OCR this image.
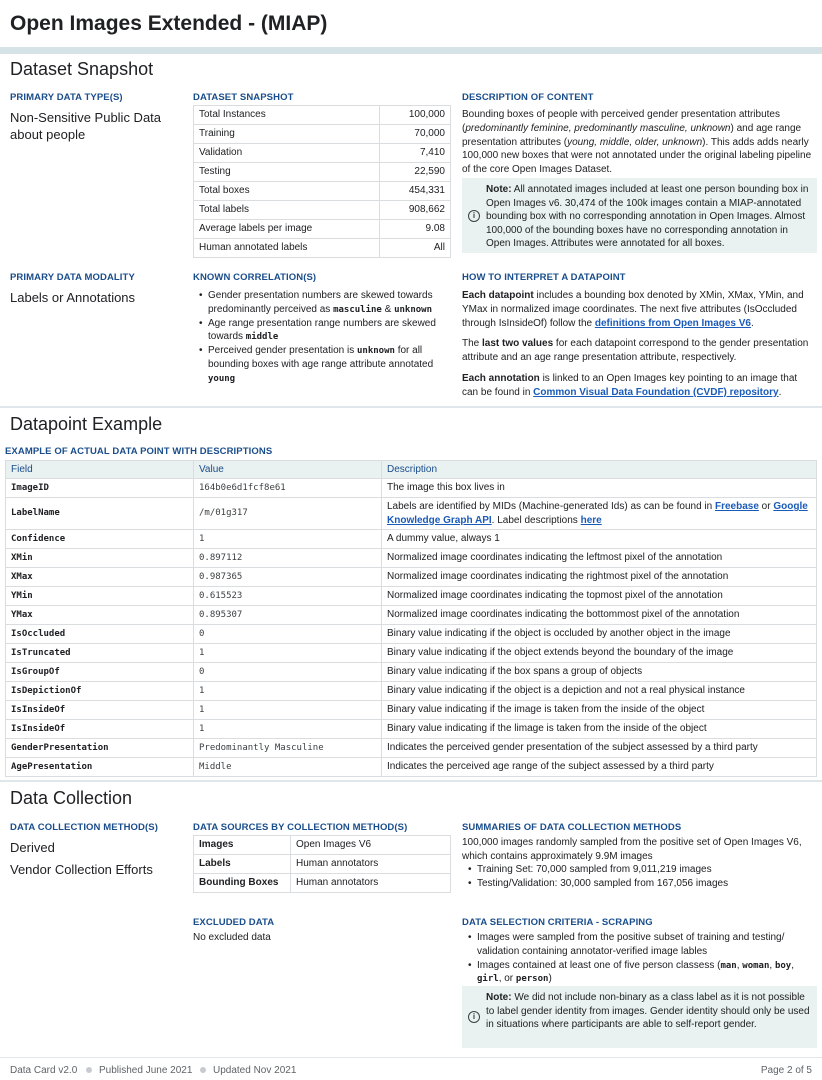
Open Images Extended - (MIAP)
Dataset Snapshot
PRIMARY DATA TYPE(S)
Non-Sensitive Public Data about people
DATASET SNAPSHOT
Total Instances	100,000
Training	70,000
Validation	7,410
Testing	22,590
Total boxes	454,331
Total labels	908,662
Average labels per image	9.08
Human annotated labels	All
DESCRIPTION OF CONTENT
Bounding boxes of people with perceived gender presentation attributes (predominantly feminine, predominantly masculine, unknown) and age range presentation attributes (young, middle, older, unknown). This adds adds nearly 100,000 new boxes that were not annotated under the original labeling pipeline of the core Open Images Dataset.
i
Note: All annotated images included at least one person bounding box in Open Images v6. 30,474 of the 100k images contain a MIAP-annotated bounding box with no corresponding annotation in Open Images. Almost 100,000 of the bounding boxes have no corresponding annotation in Open Images. Attributes were annotated for all boxes.
PRIMARY DATA MODALITY
Labels or Annotations
KNOWN CORRELATION(S)
• Gender presentation numbers are skewed towards predominantly perceived as masculine & unknown
• Age range presentation range numbers are skewed towards middle
• Perceived gender presentation is unknown for all bounding boxes with age range attribute annotated young
HOW TO INTERPRET A DATAPOINT
Each datapoint includes a bounding box denoted by XMin, XMax, YMin, and YMax in normalized image coordinates. The next five attributes (IsOccluded through IsInsideOf) follow the definitions from Open Images V6.
The last two values for each datapoint correspond to the gender presentation attribute and an age range presentation attribute, respectively.
Each annotation is linked to an Open Images key pointing to an image that can be found in Common Visual Data Foundation (CVDF) repository.
Datapoint Example
EXAMPLE OF ACTUAL DATA POINT WITH DESCRIPTIONS
Field	Value	Description
ImageID	164b0e6d1fcf8e61	The image this box lives in
LabelName	/m/01g317	Labels are identified by MIDs (Machine-generated Ids) as can be found in Freebase or Google Knowledge Graph API. Label descriptions here
Confidence	1	A dummy value, always 1
XMin	0.897112	Normalized image coordinates indicating the leftmost pixel of the annotation
XMax	0.987365	Normalized image coordinates indicating the rightmost pixel of the annotation
YMin	0.615523	Normalized image coordinates indicating the topmost pixel of the annotation
YMax	0.895307	Normalized image coordinates indicating the bottommost pixel of the annotation
IsOccluded	0	Binary value indicating if the object is occluded by another object in the image
IsTruncated	1	Binary value indicating if the object extends beyond the boundary of the image
IsGroupOf	0	Binary value indicating if the box spans a group of objects
IsDepictionOf	1	Binary value indicating if the object is a depiction and not a real physical instance
IsInsideOf	1	Binary value indicating if the image is taken from the inside of the object
IsInsideOf	1	Binary value indicating if the limage is taken from the inside of the object
GenderPresentation	Predominantly Masculine	Indicates the perceived gender presentation of the subject assessed by a third party
AgePresentation	Middle	Indicates the perceived age range of the subject assessed by a third party
Data Collection
DATA COLLECTION METHOD(S)
Derived
Vendor Collection Efforts
DATA SOURCES BY COLLECTION METHOD(S)
Images	Open Images V6
Labels	Human annotators
Bounding Boxes	Human annotators
SUMMARIES OF DATA COLLECTION METHODS
100,000 images randomly sampled from the positive set of Open Images V6, which contains approximately 9.9M images
• Training Set: 70,000 sampled from 9,011,219 images
• Testing/Validation: 30,000 sampled from 167,056 images
EXCLUDED DATA
No excluded data
DATA SELECTION CRITERIA - SCRAPING
• Images were sampled from the positive subset of training and testing/ validation containing annotator-verified image lables
• Images contained at least one of five person classess (man, woman, boy, girl, or person)
i
Note: We did not include non-binary as a class label as it is not possible to label gender identity from images. Gender identity should only be used in situations where participants are able to self-report gender.
Data Card v2.0 Published June 2021 Updated Nov 2021	Page 2 of 5
